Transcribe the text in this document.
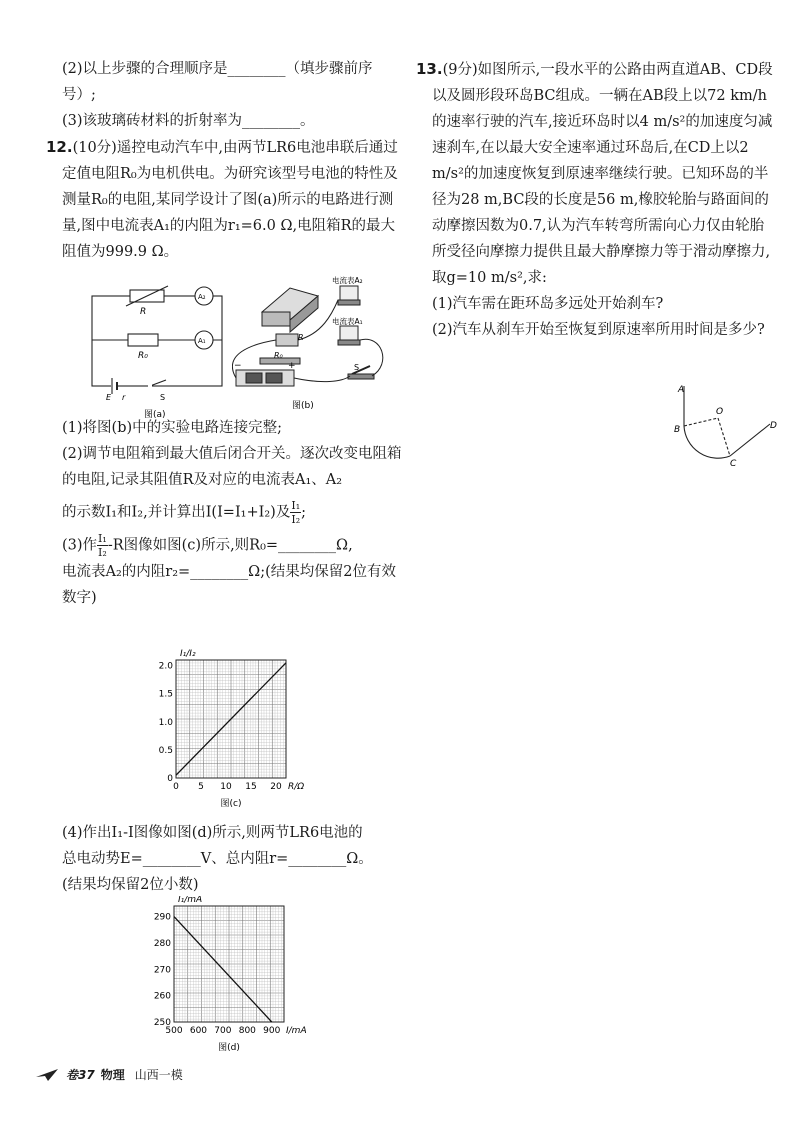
(2)以上步骤的合理顺序是________（填步骤前序号）;

(3)该玻璃砖材料的折射率为________。

12.(10分)遥控电动汽车中,由两节LR6电池串联后通过定值电阻R₀为电机供电。为研究该型号电池的特性及测量R₀的电阻,某同学设计了图(a)所示的电路进行测量,图中电流表A₁的内阻为r₁=6.0 Ω,电阻箱R的最大阻值为999.9 Ω。

(1)将图(b)中的实验电路连接完整;

(2)调节电阻箱到最大值后闭合开关。逐次改变电阻箱的电阻,记录其阻值R及对应的电流表A₁、A₂

的示数I₁和I₂,并计算出I(I=I₁+I₂)及 $\frac{\text{I₁}}{\text{I₂}}$ ;

(3)作 $\frac{\text{I₁}}{\text{I₂}} -R$图像如图(c)所示,则R₀=________Ω,

电流表A₂的内阻r₂=________Ω;(结果均保留2位有效数字)

(4)作出I₁-I图像如图(d)所示,则两节LR6电池的

总电动势E=________V、总内阻r=________Ω。

(结果均保留2位小数)

R
R₀
A₂
A₁
E r	S
图(a)
电流表A₂
电流表A₁
R
R₀
−	+	S
图(b)
0 5 10 15 20
0
0.5
1.0
1.5
2.0
R/Ω
I₁/I₂
图(c)
500 600 700 800 900
250
260
270
280
290
I/mA
I₁/mA
图(d)

13.(9分)如图所示,一段水平的公路由两直道AB、CD段以及圆形段环岛BC组成。一辆在AB段上以72 km/h的速率行驶的汽车,接近环岛时以4 m/s²的加速度匀减速刹车,在以最大安全速率通过环岛后,在CD上以2 m/s²的加速度恢复到原速率继续行驶。已知环岛的半径为28 m,BC段的长度是56 m,橡胶轮胎与路面间的动摩擦因数为0.7,认为汽车转弯所需向心力仅由轮胎所受径向摩擦力提供且最大静摩擦力等于滑动摩擦力,取g=10 m/s²,求:

(1)汽车需在距环岛多远处开始刹车?

(2)汽车从刹车开始至恢复到原速率所用时间是多少?

A
B
O
C
D
卷37 物理 山西一模
